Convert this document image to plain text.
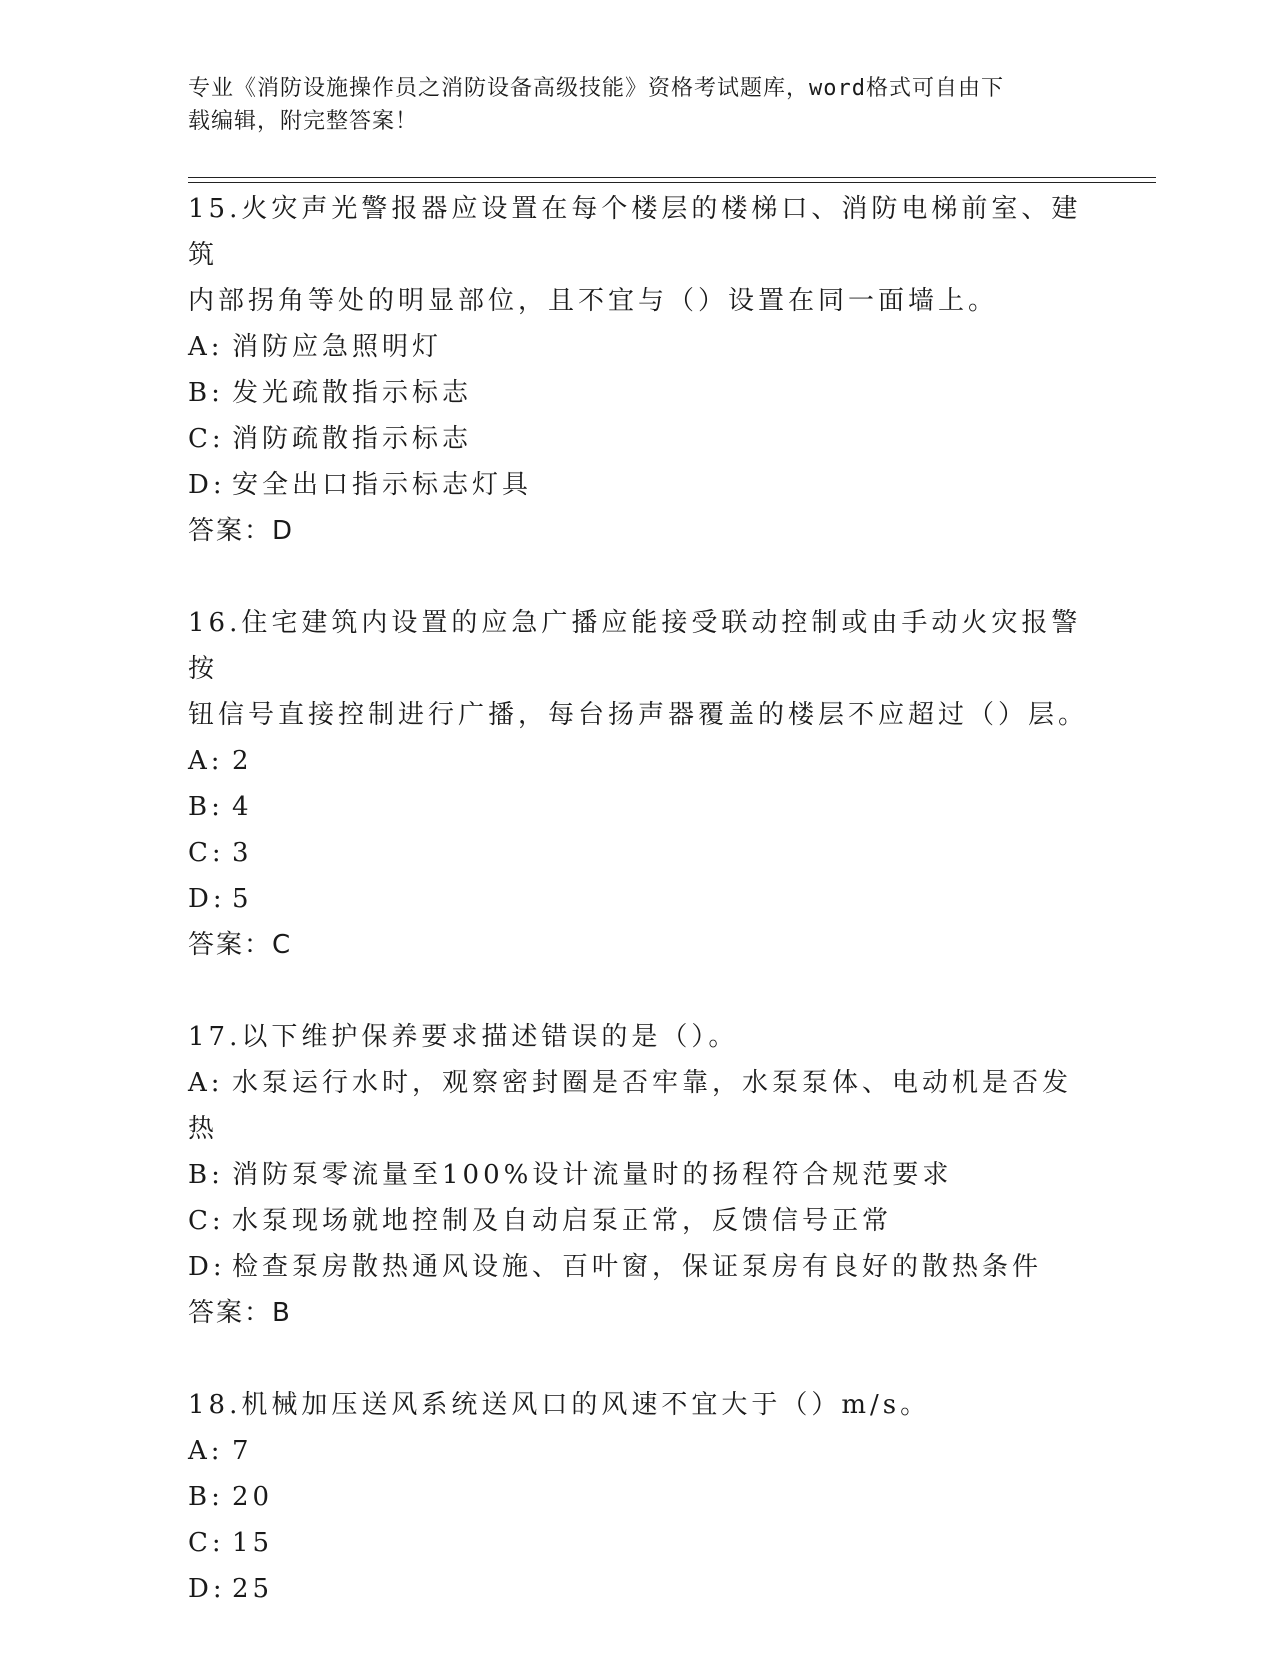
专业《消防设施操作员之消防设备高级技能》资格考试题库，word格式可自由下
载编辑，附完整答案！
15.火灾声光警报器应设置在每个楼层的楼梯口、消防电梯前室、建筑
内部拐角等处的明显部位，且不宜与（）设置在同一面墙上。
A: 消防应急照明灯
B: 发光疏散指示标志
C: 消防疏散指示标志
D: 安全出口指示标志灯具
答案：D
16.住宅建筑内设置的应急广播应能接受联动控制或由手动火灾报警按
钮信号直接控制进行广播，每台扬声器覆盖的楼层不应超过（）层。
A: 2
B: 4
C: 3
D: 5
答案：C
17.以下维护保养要求描述错误的是（）。
A: 水泵运行水时，观察密封圈是否牢靠，水泵泵体、电动机是否发热
B: 消防泵零流量至100%设计流量时的扬程符合规范要求
C: 水泵现场就地控制及自动启泵正常，反馈信号正常
D: 检查泵房散热通风设施、百叶窗，保证泵房有良好的散热条件
答案：B
18.机械加压送风系统送风口的风速不宜大于（）m/s。
A: 7
B: 20
C: 15
D: 25
